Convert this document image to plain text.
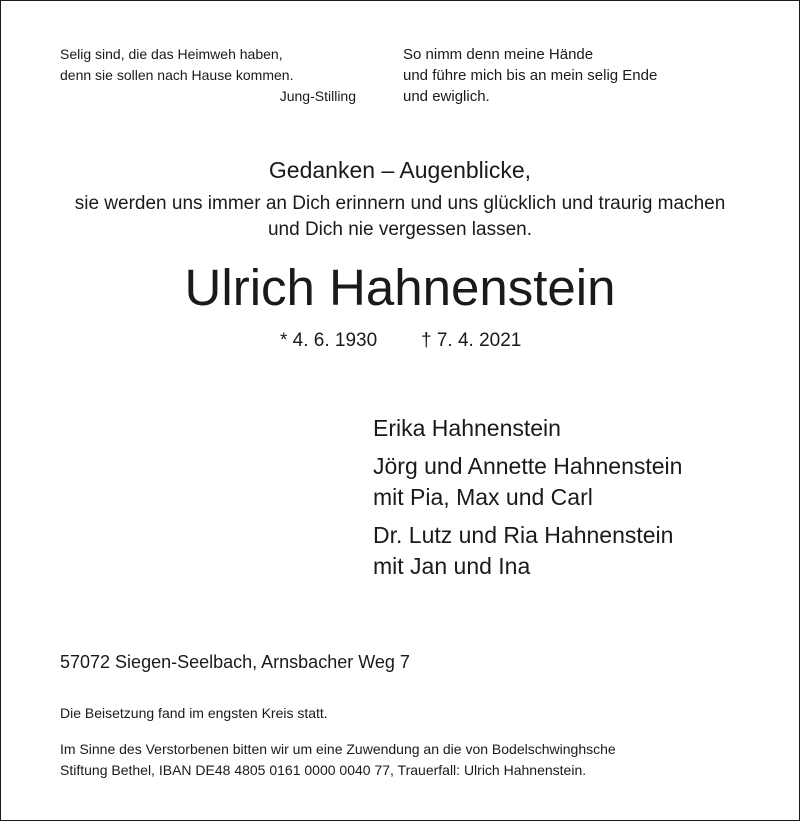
Selig sind, die das Heimweh haben,

denn sie sollen nach Hause kommen.

Jung-Stilling

So nimm denn meine Hände

und führe mich bis an mein selig Ende

und ewiglich.

Gedanken – Augenblicke,
sie werden uns immer an Dich erinnern und uns glücklich und traurig machen
und Dich nie vergessen lassen.
Ulrich Hahnenstein
* 4. 6. 1930 † 7. 4. 2021

Erika Hahnenstein

Jörg und Annette Hahnenstein

mit Pia, Max und Carl

Dr. Lutz und Ria Hahnenstein

mit Jan und Ina

57072 Siegen-Seelbach, Arnsbacher Weg 7
Die Beisetzung fand im engsten Kreis statt.
Im Sinne des Verstorbenen bitten wir um eine Zuwendung an die von Bodelschwinghsche
Stiftung Bethel, IBAN DE48 4805 0161 0000 0040 77, Trauerfall: Ulrich Hahnenstein.
